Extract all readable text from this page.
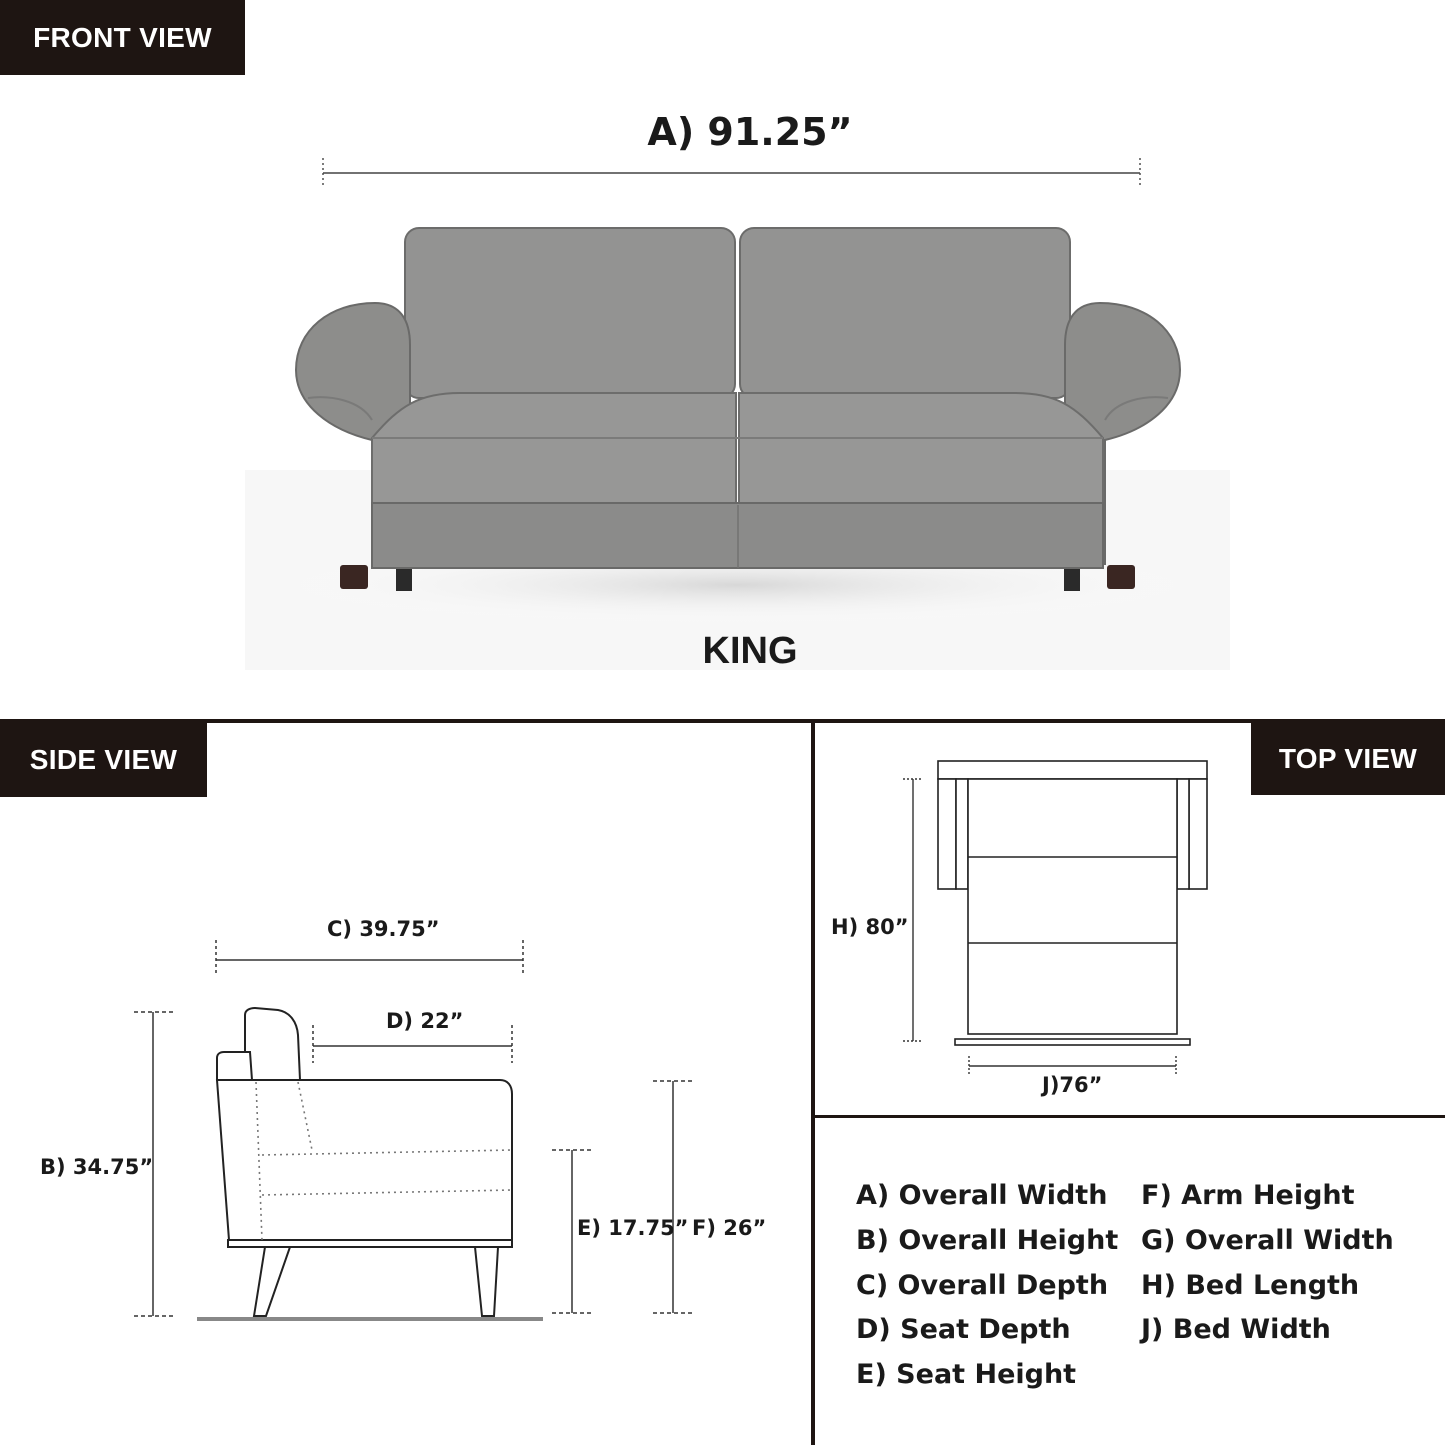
FRONT VIEW
A) 91.25”
KING
SIDE VIEW
C) 39.75”
D) 22”
B) 34.75”
E) 17.75” F) 26”
TOP VIEW
H) 80”
J)76”
A) Overall Width
B) Overall Height
C) Overall Depth
D) Seat Depth
E) Seat Height
F) Arm Height
G) Overall Width
H) Bed Length
J) Bed Width
